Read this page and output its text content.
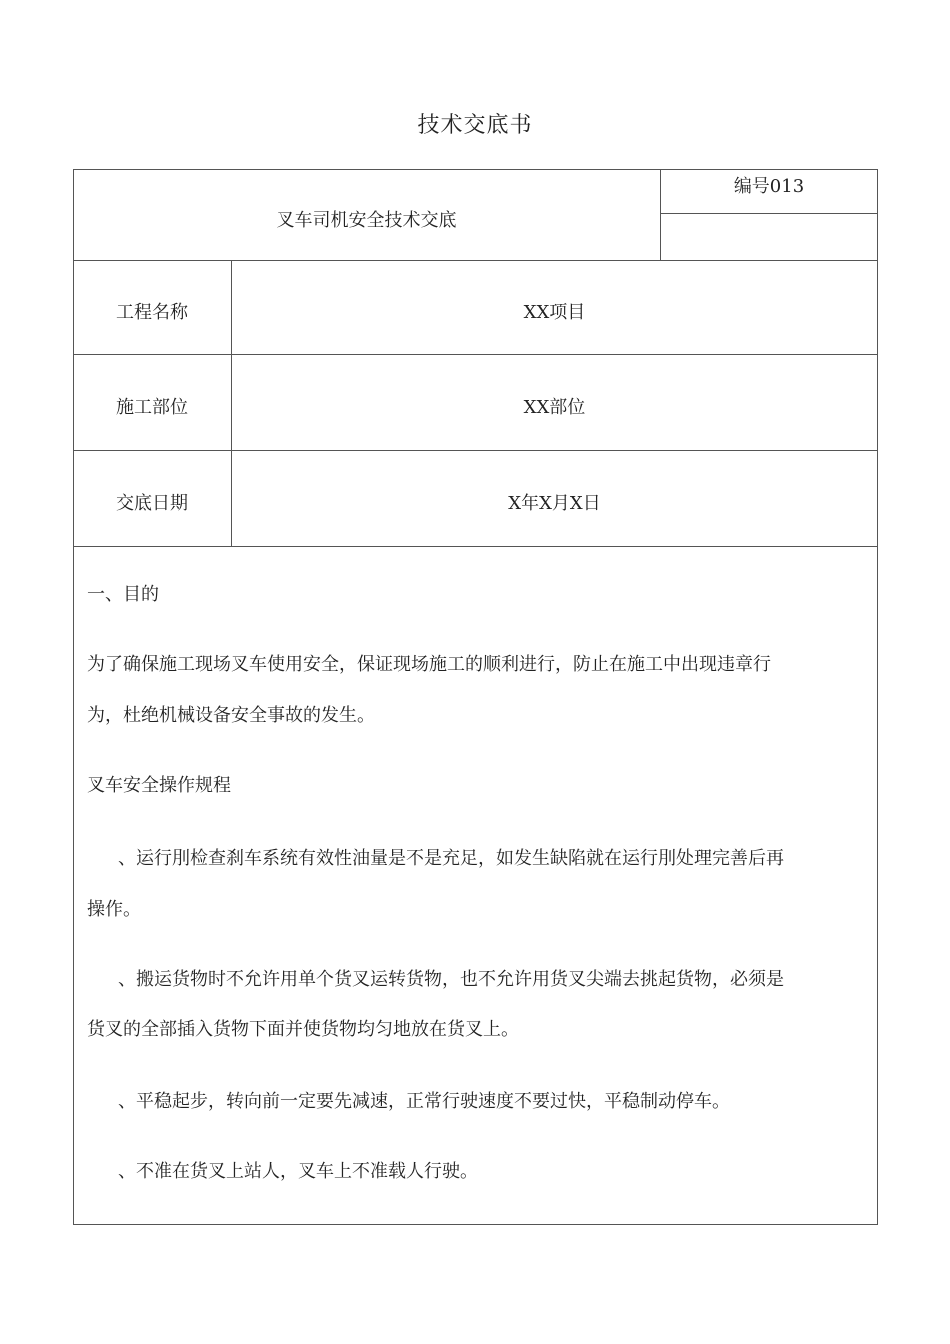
技术交底书
叉车司机安全技术交底
编号013
工程名称	XX项目
施工部位	XX部位
交底日期	X年X月X日
一、目的
为了确保施工现场叉车使用安全，保证现场施工的顺利进行，防止在施工中出现违章行
为，杜绝机械设备安全事故的发生。
叉车安全操作规程
、运行刖检查刹车系统有效性油量是不是充足，如发生缺陷就在运行刖处理完善后再
操作。
、搬运货物时不允许用单个货叉运转货物，也不允许用货叉尖端去挑起货物，必须是
货叉的全部插入货物下面并使货物均匀地放在货叉上。
、平稳起步，转向前一定要先减速，正常行驶速度不要过快，平稳制动停车。
、不准在货叉上站人，叉车上不准载人行驶。
